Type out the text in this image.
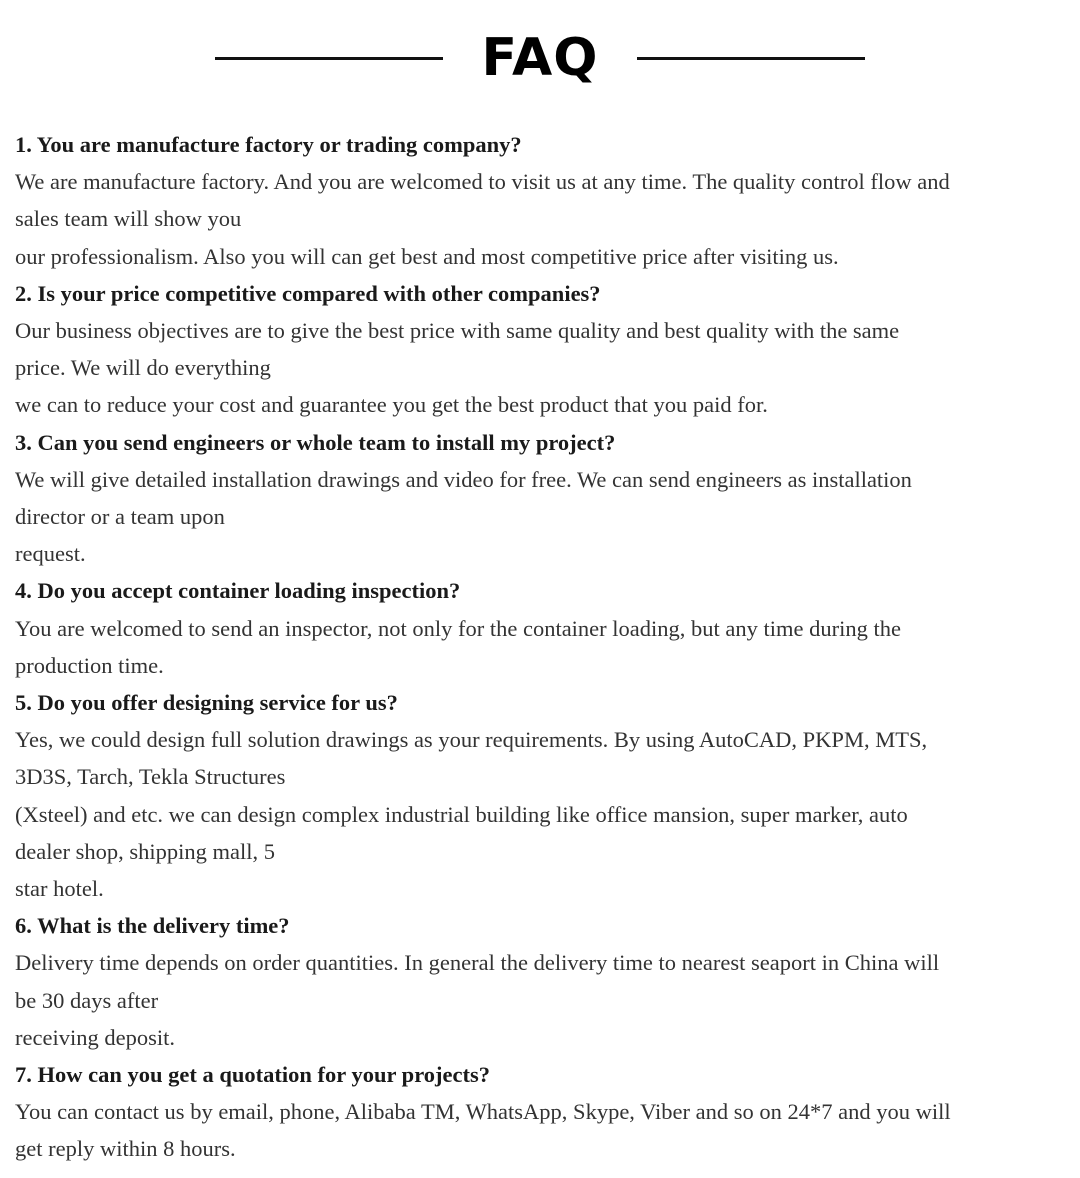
FAQ
1. You are manufacture factory or trading company?
We are manufacture factory. And you are welcomed to visit us at any time. The quality control flow and
sales team will show you
our professionalism. Also you will can get best and most competitive price after visiting us.
2. Is your price competitive compared with other companies?
Our business objectives are to give the best price with same quality and best quality with the same
price. We will do everything
we can to reduce your cost and guarantee you get the best product that you paid for.
3. Can you send engineers or whole team to install my project?
We will give detailed installation drawings and video for free. We can send engineers as installation
director or a team upon
request.
4. Do you accept container loading inspection?
You are welcomed to send an inspector, not only for the container loading, but any time during the
production time.
5. Do you offer designing service for us?
Yes, we could design full solution drawings as your requirements. By using AutoCAD, PKPM, MTS,
3D3S, Tarch, Tekla Structures
(Xsteel) and etc. we can design complex industrial building like office mansion, super marker, auto
dealer shop, shipping mall, 5
star hotel.
6. What is the delivery time?
Delivery time depends on order quantities. In general the delivery time to nearest seaport in China will
be 30 days after
receiving deposit.
7. How can you get a quotation for your projects?
You can contact us by email, phone, Alibaba TM, WhatsApp, Skype, Viber and so on 24*7 and you will
get reply within 8 hours.
